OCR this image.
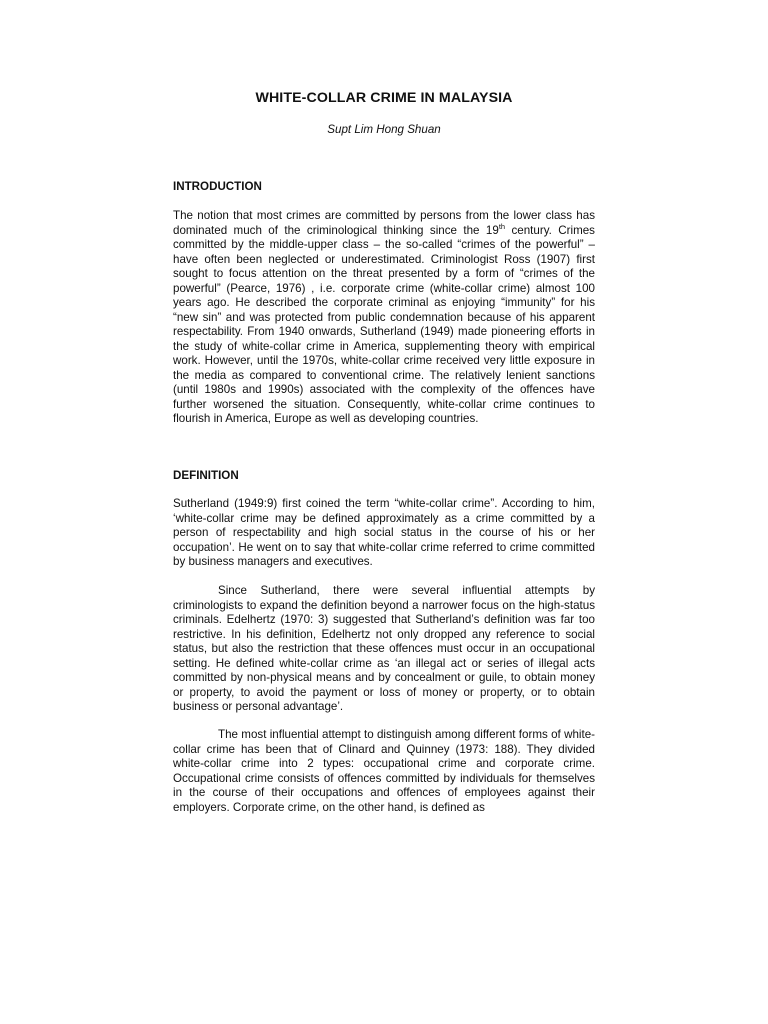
WHITE-COLLAR CRIME IN MALAYSIA
Supt Lim Hong Shuan
INTRODUCTION
The notion that most crimes are committed by persons from the lower class has dominated much of the criminological thinking since the 19th century. Crimes committed by the middle-upper class – the so-called “crimes of the powerful” – have often been neglected or underestimated. Criminologist Ross (1907) first sought to focus attention on the threat presented by a form of “crimes of the powerful” (Pearce, 1976) , i.e. corporate crime (white-collar crime) almost 100 years ago. He described the corporate criminal as enjoying “immunity” for his “new sin” and was protected from public condemnation because of his apparent respectability. From 1940 onwards, Sutherland (1949) made pioneering efforts in the study of white-collar crime in America, supplementing theory with empirical work. However, until the 1970s, white-collar crime received very little exposure in the media as compared to conventional crime. The relatively lenient sanctions (until 1980s and 1990s) associated with the complexity of the offences have further worsened the situation. Consequently, white-collar crime continues to flourish in America, Europe as well as developing countries.
DEFINITION
Sutherland (1949:9) first coined the term “white-collar crime”. According to him, ‘white-collar crime may be defined approximately as a crime committed by a person of respectability and high social status in the course of his or her occupation’. He went on to say that white-collar crime referred to crime committed by business managers and executives.
Since Sutherland, there were several influential attempts by criminologists to expand the definition beyond a narrower focus on the high-status criminals. Edelhertz (1970: 3) suggested that Sutherland’s definition was far too restrictive. In his definition, Edelhertz not only dropped any reference to social status, but also the restriction that these offences must occur in an occupational setting. He defined white-collar crime as ‘an illegal act or series of illegal acts committed by non-physical means and by concealment or guile, to obtain money or property, to avoid the payment or loss of money or property, or to obtain business or personal advantage’.
The most influential attempt to distinguish among different forms of white-collar crime has been that of Clinard and Quinney (1973: 188). They divided white-collar crime into 2 types: occupational crime and corporate crime. Occupational crime consists of offences committed by individuals for themselves in the course of their occupations and offences of employees against their employers. Corporate crime, on the other hand, is defined as
